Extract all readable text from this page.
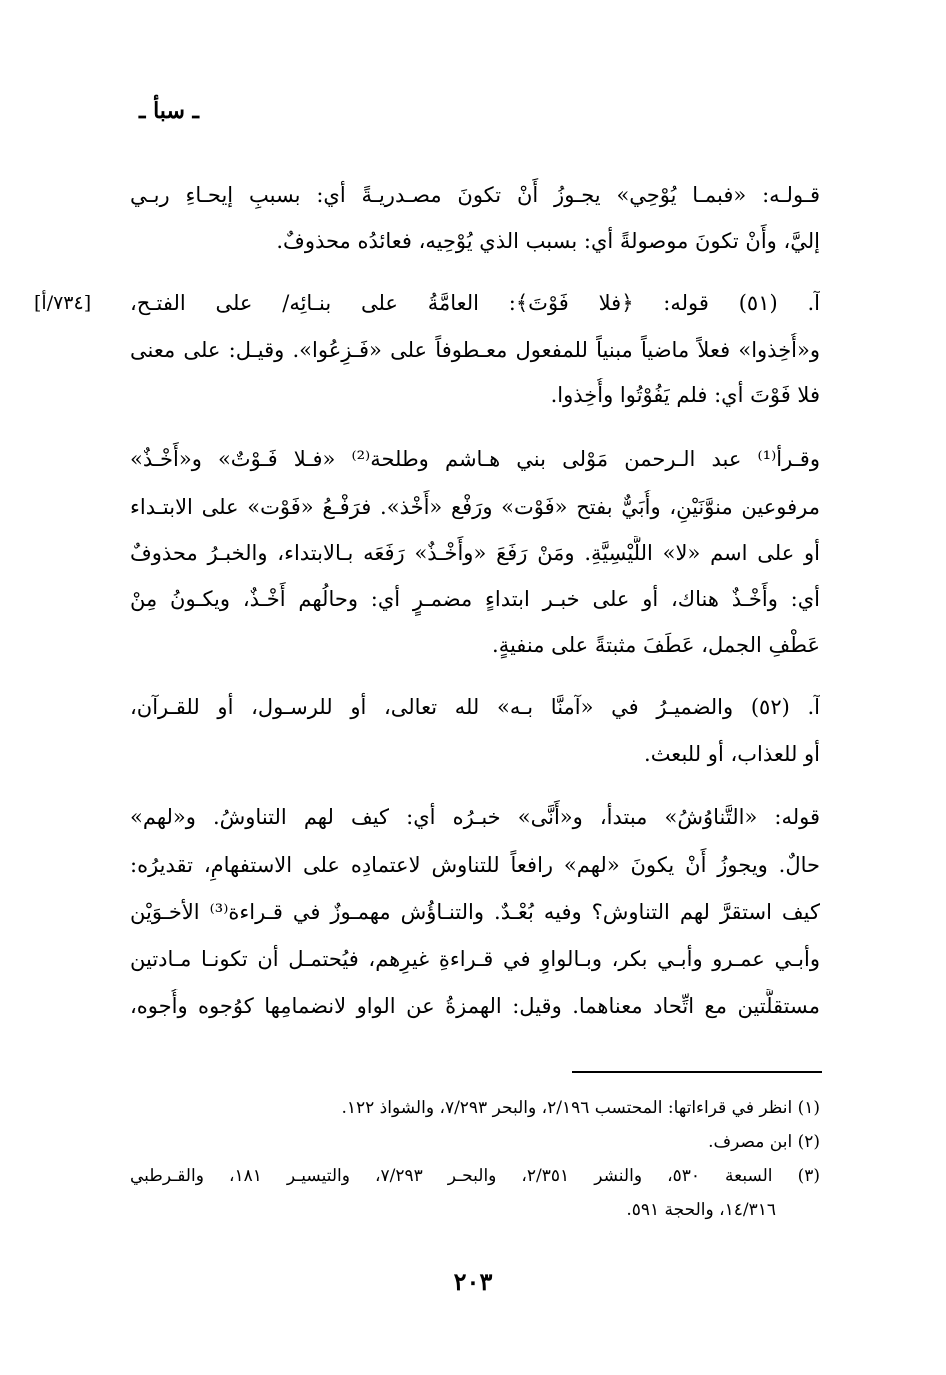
ـ سبأ ـ
قـولـه: «فبمـا يُوْحِي» يجـوزُ أَنْ تكونَ مصـدريـةً أي: بسببِ إيحـاءِ ربـي
إليَّ، وأَنْ تكونَ موصولةً أي: بسبب الذي يُوْحِيه، فعائدُه محذوفٌ.
آ. (٥١) قوله: ﴿فلا فَوْتَ﴾: العامَّةُ على بنـائِه/ على الفتـح،
[٧٣٤/أ]
و«أُخِذوا» فعلاً ماضياً مبنياً للمفعول معـطوفاً على «فَـزِعُوا». وقيـل: على معنى
فلا فَوْتَ أي: فلم يَفُوْتُوا وأُخِذوا.
وقـرأ⁽¹⁾ عبد الـرحمن مَوْلى بني هـاشم وطلحة⁽²⁾ «فـلا فَـوْتٌ» و«أَخْـذٌ»
مرفوعين منوَّنَيْنِ، وأُبَيٌّ بفتح «فَوْت» ورَفْع «أَخْذ». فرَفْـعُ «فَوْت» على الابتـداء
أو على اسم «لا» اللَّيْسِيَّةِ. ومَنْ رَفَعَ «وأَخْـذٌ» رَفَعَه بـالابتداء، والخبـرُ محذوفٌ
أي: وأَخْـذٌ هناك، أو على خبـر ابتداءٍ مضمـرٍ أي: وحالُهم أَخْـذٌ، ويكـونُ مِنْ
عَطْفِ الجمل، عَطَفَ مثبتةً على منفيةٍ.
آ. (٥٢) والضميـرُ في «آمنَّا بـه» لله تعالى، أو للرسـول، أو للقـرآن،
أو للعذاب، أو للبعث.
قوله: «التَّناوُشُ» مبتدأ، و«أَنَّى» خبـرُه أي: كيف لهم التناوشُ. و«لهم»
حالٌ. ويجوزُ أَنْ يكونَ «لهم» رافعاً للتناوش لاعتمادِه على الاستفهامِ، تقديرُه:
كيف استقرَّ لهم التناوش؟ وفيه بُعْـدٌ. والتنـاؤُش مهمـوزٌ في قـراءة⁽³⁾ الأخـوَيْن
وأبـي عمـرو وأبـي بكر، وبـالواوِ في قـراءةِ غيرِهم، فيُحتمـل أن تكونـا مـادتين
مستقلَّتين مع اتِّحاد معناهما. وقيل: الهمزةُ عن الواو لانضمامِها كوُجوه وأُجوه،
(١) انظر في قراءاتها: المحتسب ٢/١٩٦، والبحر ٧/٢٩٣، والشواذ ١٢٢.
(٢) ابن مصرف.
(٣) السبعة ٥٣٠، والنشر ٢/٣٥١، والبحـر ٧/٢٩٣، والتيسيـر ١٨١، والقـرطبي
١٤/٣١٦، والحجة ٥٩١.
٢٠٣
